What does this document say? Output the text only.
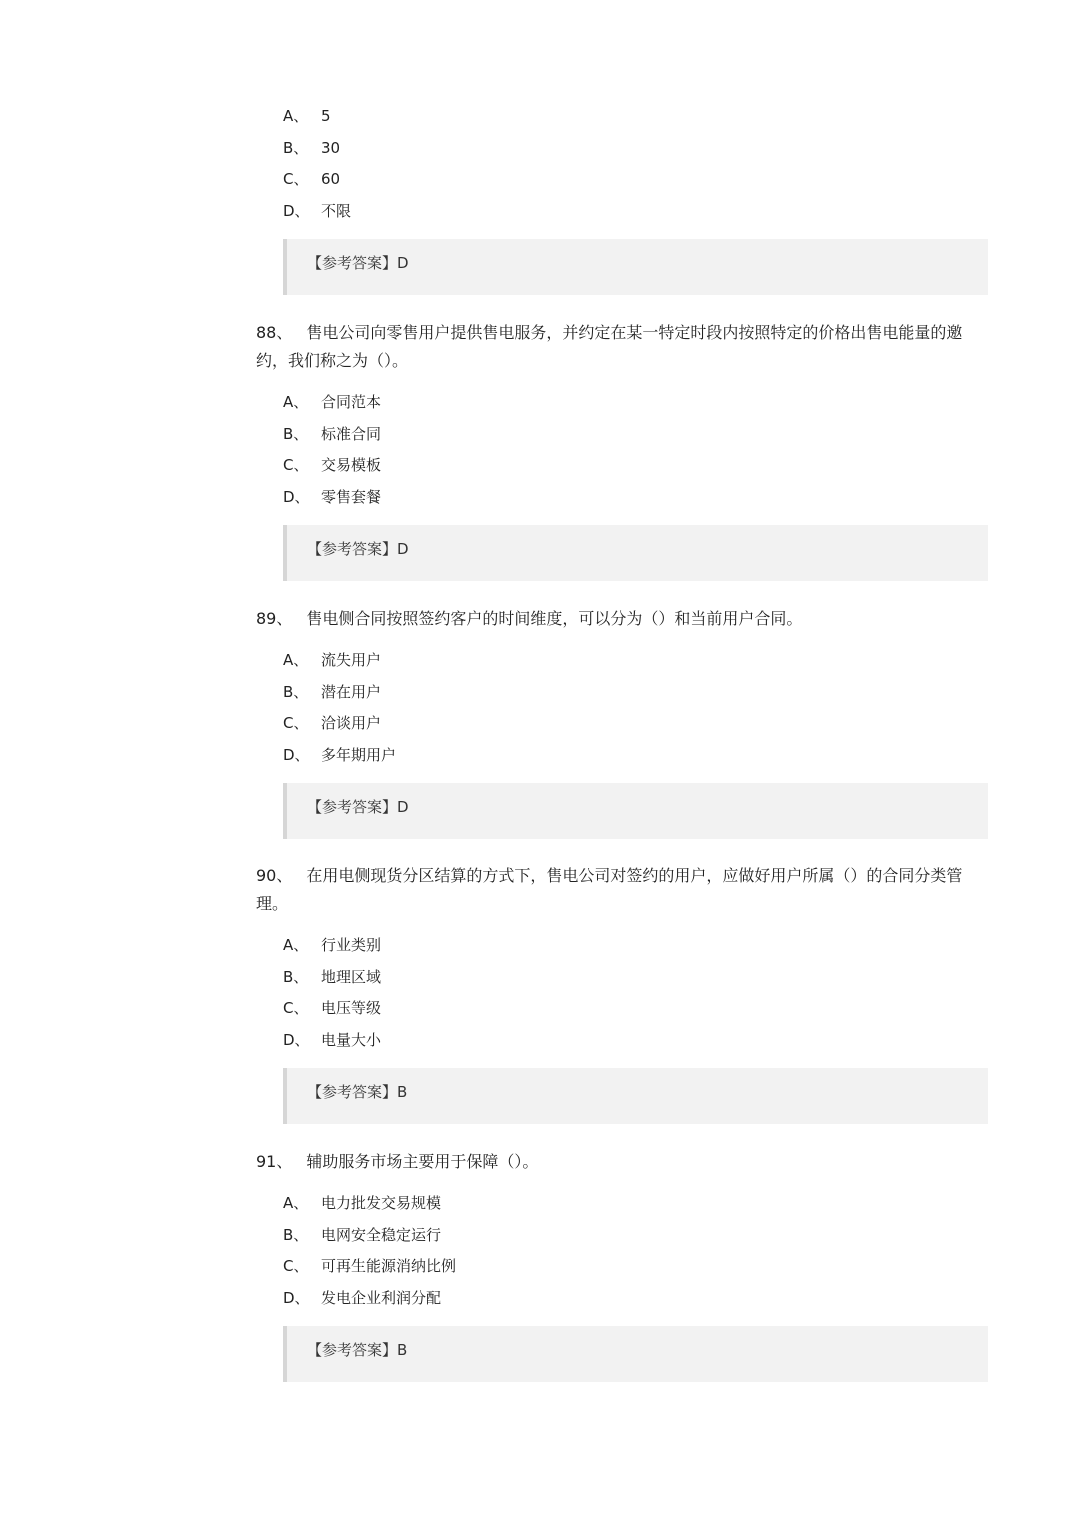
A、 5
B、 30
C、 60
D、 不限
【参考答案】D

88、 售电公司向零售用户提供售电服务，并约定在某一特定时段内按照特定的价格出售电能量的邀约，我们称之为（）。

A、 合同范本
B、 标准合同
C、 交易模板
D、 零售套餐
【参考答案】D

89、 售电侧合同按照签约客户的时间维度，可以分为（）和当前用户合同。

A、 流失用户
B、 潜在用户
C、 洽谈用户
D、 多年期用户
【参考答案】D

90、 在用电侧现货分区结算的方式下，售电公司对签约的用户，应做好用户所属（）的合同分类管理。

A、 行业类别
B、 地理区域
C、 电压等级
D、 电量大小
【参考答案】B

91、 辅助服务市场主要用于保障（）。

A、 电力批发交易规模
B、 电网安全稳定运行
C、 可再生能源消纳比例
D、 发电企业利润分配
【参考答案】B
